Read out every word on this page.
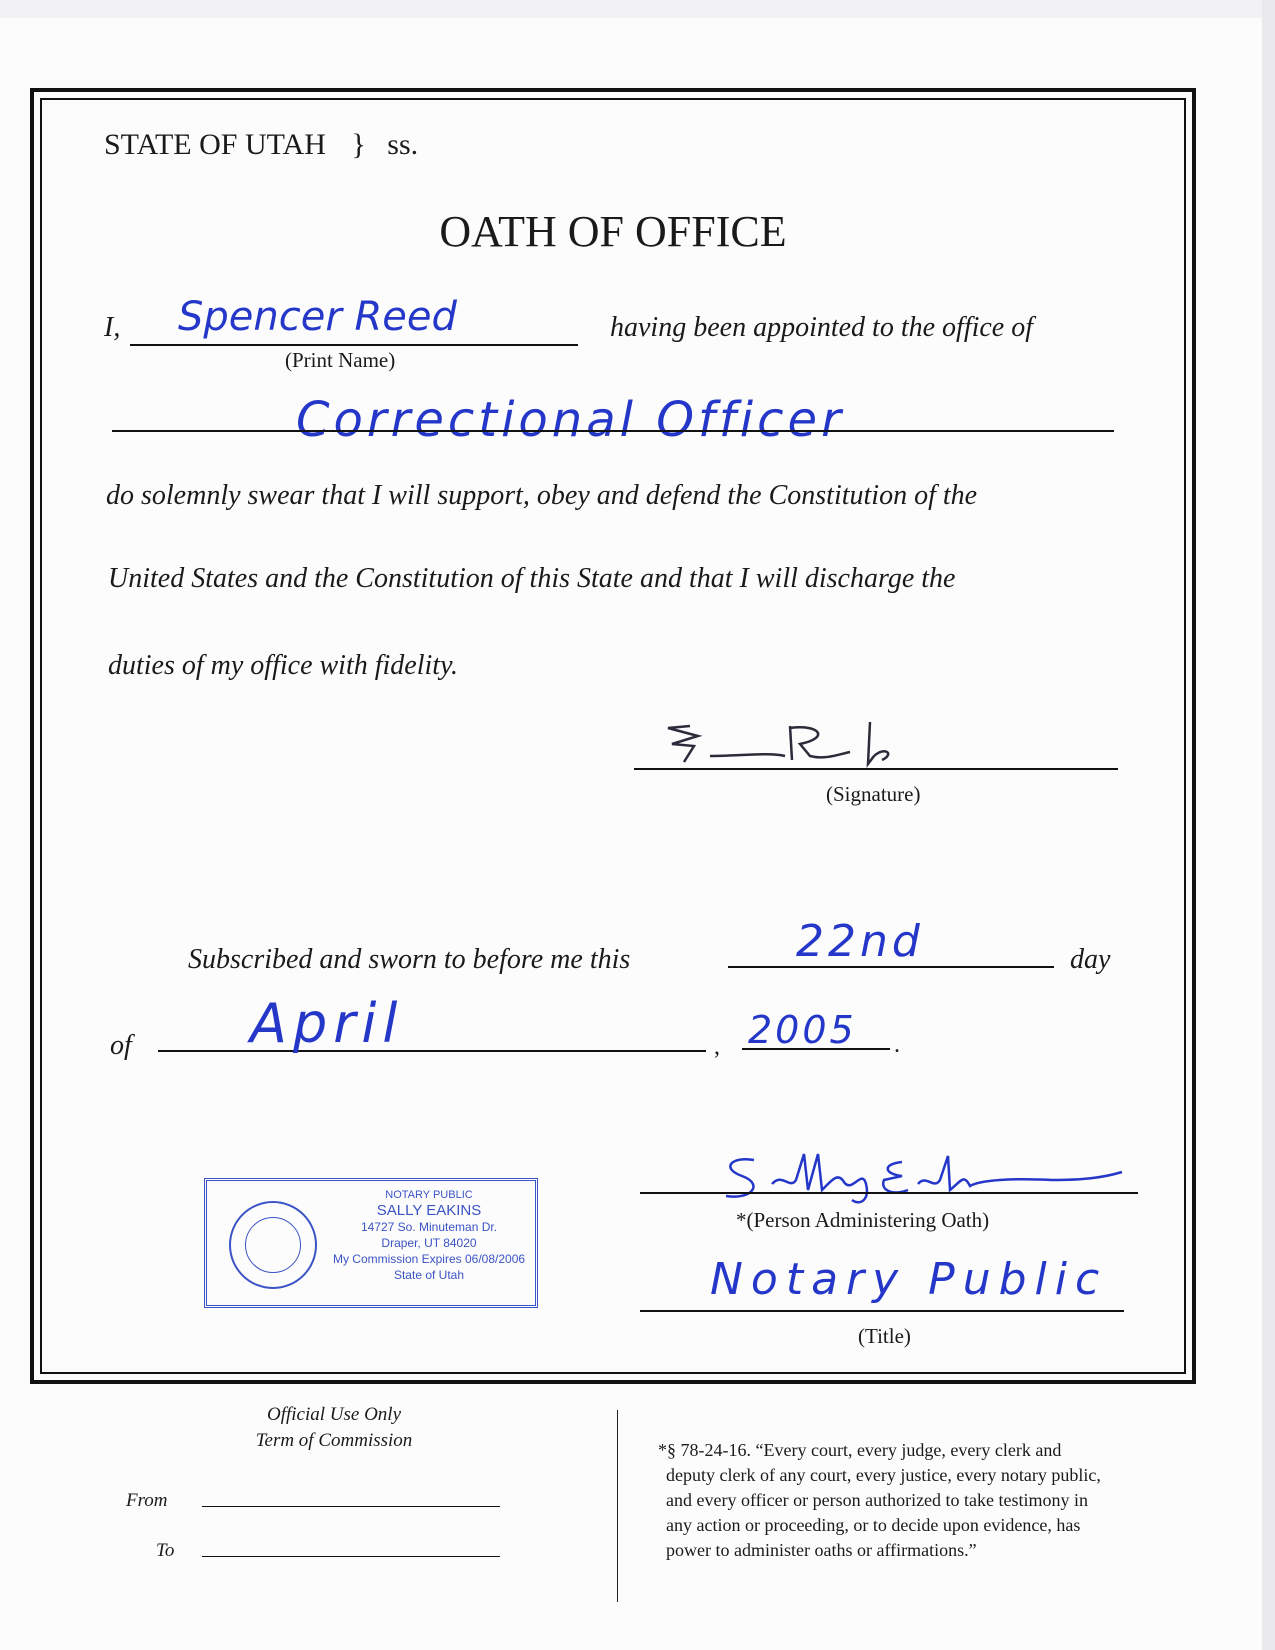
STATE OF UTAH } ss.
OATH OF OFFICE
I, Spencer Reed
(Print Name)
having been appointed to the office of
Correctional Officer
do solemnly swear that I will support, obey and defend the Constitution of the
United States and the Constitution of this State and that I will discharge the
duties of my office with fidelity.
(Signature)
Subscribed and sworn to before me this	22nd	day
of April	, 2005 .
*(Person Administering Oath)
Notary Public
(Title)
NOTARY PUBLIC
SALLY EAKINS
14727 So. Minuteman Dr.
Draper, UT 84020
My Commission Expires 06/08/2006
State of Utah
Official Use Only
Term of Commission
From
To
*§ 78-24-16. “Every court, every judge, every clerk and
deputy clerk of any court, every justice, every notary public,
and every officer or person authorized to take testimony in
any action or proceeding, or to decide upon evidence, has
power to administer oaths or affirmations.”
